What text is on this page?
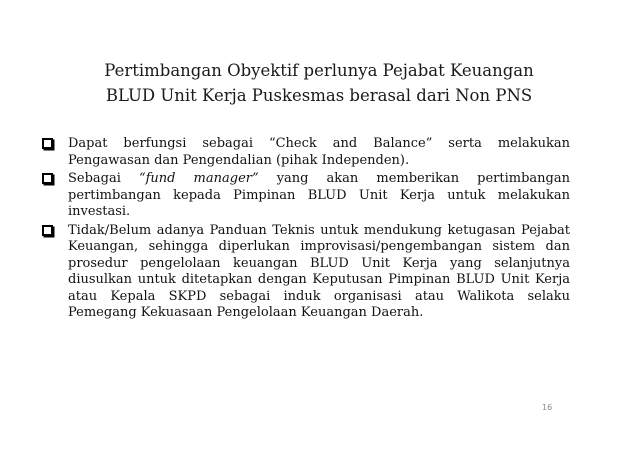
Pertimbangan Obyektif perlunya Pejabat Keuangan
BLUD Unit Kerja Puskesmas berasal dari Non PNS
Dapat berfungsi sebagai “Check and Balance” serta melakukan Pengawasan dan Pengendalian (pihak Independen).
Sebagai “fund manager” yang akan memberikan pertimbangan pertimbangan kepada Pimpinan BLUD Unit Kerja untuk melakukan investasi.
Tidak/Belum adanya Panduan Teknis untuk mendukung ketugasan Pejabat Keuangan, sehingga diperlukan improvisasi/pengembangan sistem dan prosedur pengelolaan keuangan BLUD Unit Kerja yang selanjutnya diusulkan untuk ditetapkan dengan Keputusan Pimpinan BLUD Unit Kerja atau Kepala SKPD sebagai induk organisasi atau Walikota selaku Pemegang Kekuasaan Pengelolaan Keuangan Daerah.
16
